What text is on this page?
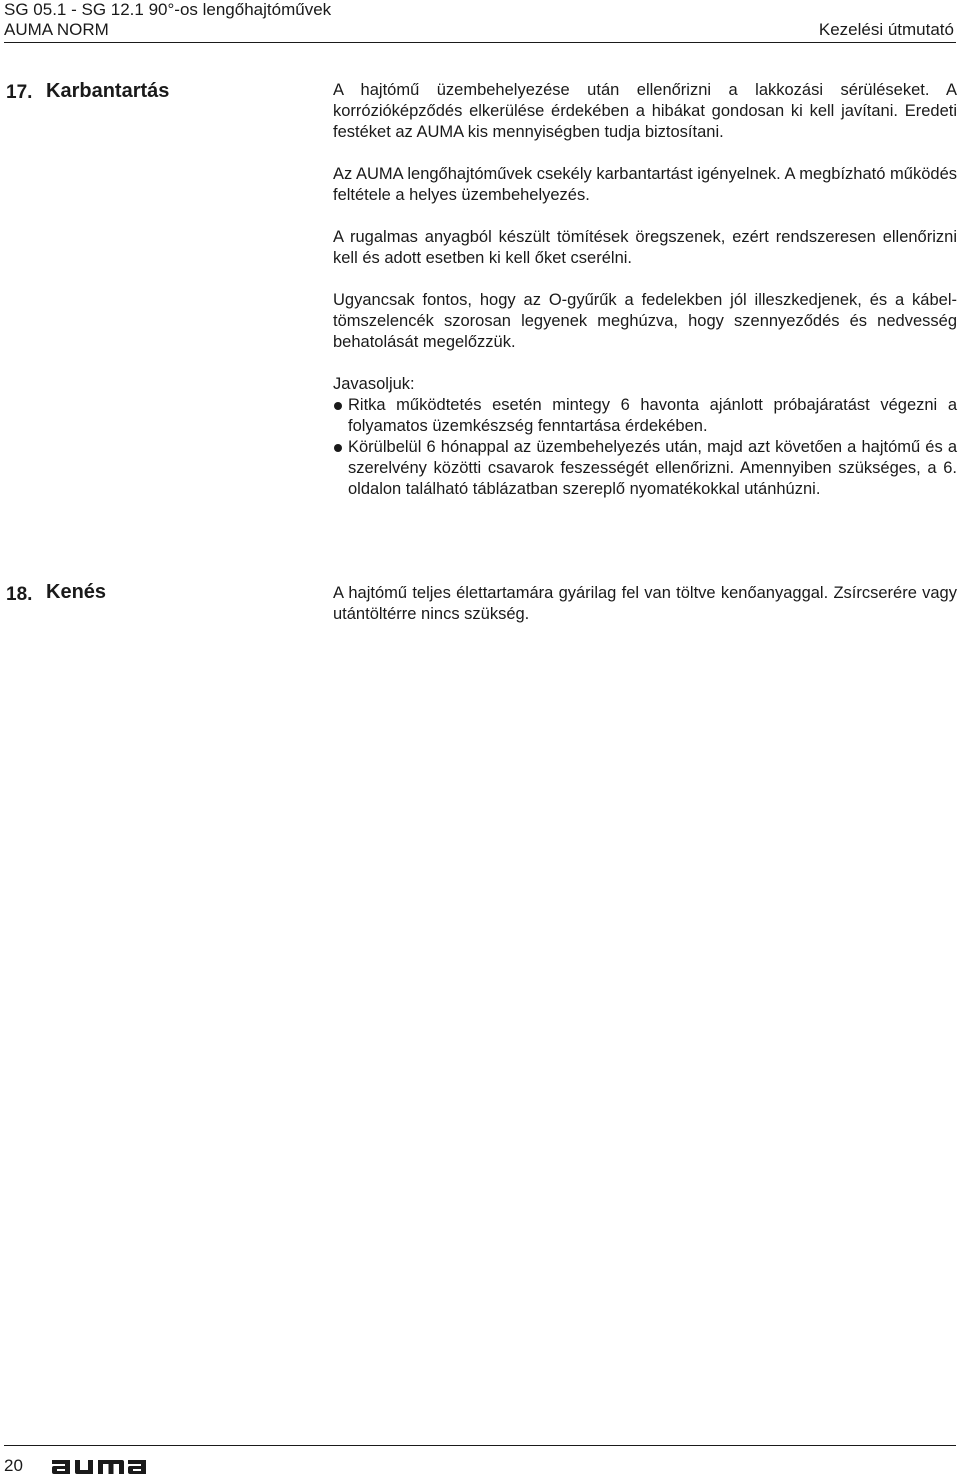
SG 05.1 - SG 12.1 90°-os lengőhajtóművek
AUMA NORM	Kezelési útmutató
17. Karbantartás	A hajtómű üzembehelyezése után ellenőrizni a lakkozási sérüléseket. A korrózióképződés elkerülése érdekében a hibákat gondosan ki kell javítani. Eredeti festéket az AUMA kis mennyiségben tudja biztosítani.

Az AUMA lengőhajtóművek csekély karbantartást igényelnek. A megbízható működés feltétele a helyes üzembehelyezés.

A rugalmas anyagból készült tömítések öregszenek, ezért rendszeresen ellenőrizni kell és adott esetben ki kell őket cserélni.

Ugyancsak fontos, hogy az O-gyűrűk a fedelekben jól illeszkedjenek, és a kábel-tömszelencék szorosan legyenek meghúzva, hogy szennyeződés és nedvesség behatolását megelőzzük.

Javasoljuk:

Ritka működtetés esetén mintegy 6 havonta ajánlott próbajáratást végezni a folyamatos üzemkészség fenntartása érdekében.
Körülbelül 6 hónappal az üzembehelyezés után, majd azt követően a hajtómű és a szerelvény közötti csavarok feszességét ellenőrizni. Amennyiben szükséges, a 6. oldalon található táblázatban szereplő nyomatékokkal utánhúzni.
18. Kenés	A hajtómű teljes élettartamára gyárilag fel van töltve kenőanyaggal. Zsírcserére vagy utántöltérre nincs szükség.

20
